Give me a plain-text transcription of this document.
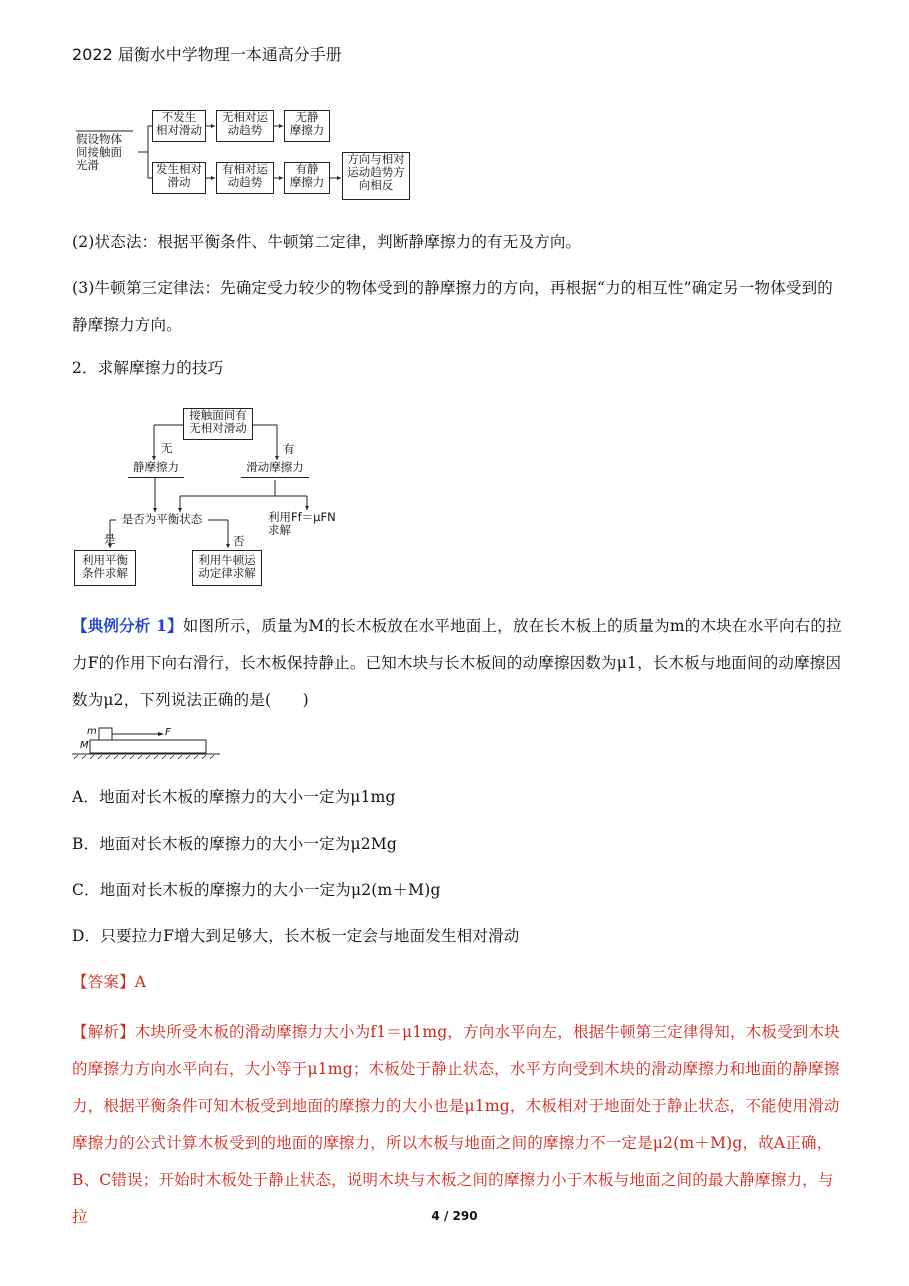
2022 届衡水中学物理一本通高分手册
假设物体
间接触面
光滑
不发生
相对滑动
无相对运
动趋势
无静
摩擦力
发生相对
滑动
有相对运
动趋势
有静
摩擦力
方向与相对
运动趋势方
向相反
(2)状态法：根据平衡条件、牛顿第二定律，判断静摩擦力的有无及方向。
(3)牛顿第三定律法：先确定受力较少的物体受到的静摩擦力的方向，再根据“力的相互性”确定另一物体受到的静摩擦力方向。
2．求解摩擦力的技巧
接触面间有
无相对滑动
无	有
静摩擦力	滑动摩擦力
是否为平衡状态
是	否
利用Ff＝μFN
求解
利用平衡
条件求解
利用牛顿运
动定律求解
【典例分析 1】如图所示，质量为M的长木板放在水平地面上，放在长木板上的质量为m的木块在水平向右的拉力F的作用下向右滑行，长木板保持静止。已知木块与长木板间的动摩擦因数为μ1，长木板与地面间的动摩擦因数为μ2，下列说法正确的是(　　)
m
M
F
A．地面对长木板的摩擦力的大小一定为μ1mg
B．地面对长木板的摩擦力的大小一定为μ2Mg
C．地面对长木板的摩擦力的大小一定为μ2(m＋M)g
D．只要拉力F增大到足够大，长木板一定会与地面发生相对滑动
【答案】A
【解析】木块所受木板的滑动摩擦力大小为f1＝μ1mg，方向水平向左，根据牛顿第三定律得知，木板受到木块的摩擦力方向水平向右，大小等于μ1mg；木板处于静止状态，水平方向受到木块的滑动摩擦力和地面的静摩擦力，根据平衡条件可知木板受到地面的摩擦力的大小也是μ1mg，木板相对于地面处于静止状态，不能使用滑动摩擦力的公式计算木板受到的地面的摩擦力，所以木板与地面之间的摩擦力不一定是μ2(m＋M)g，故A正确，B、C错误；开始时木板处于静止状态，说明木块与木板之间的摩擦力小于木板与地面之间的最大静摩擦力，与拉	4 / 290
